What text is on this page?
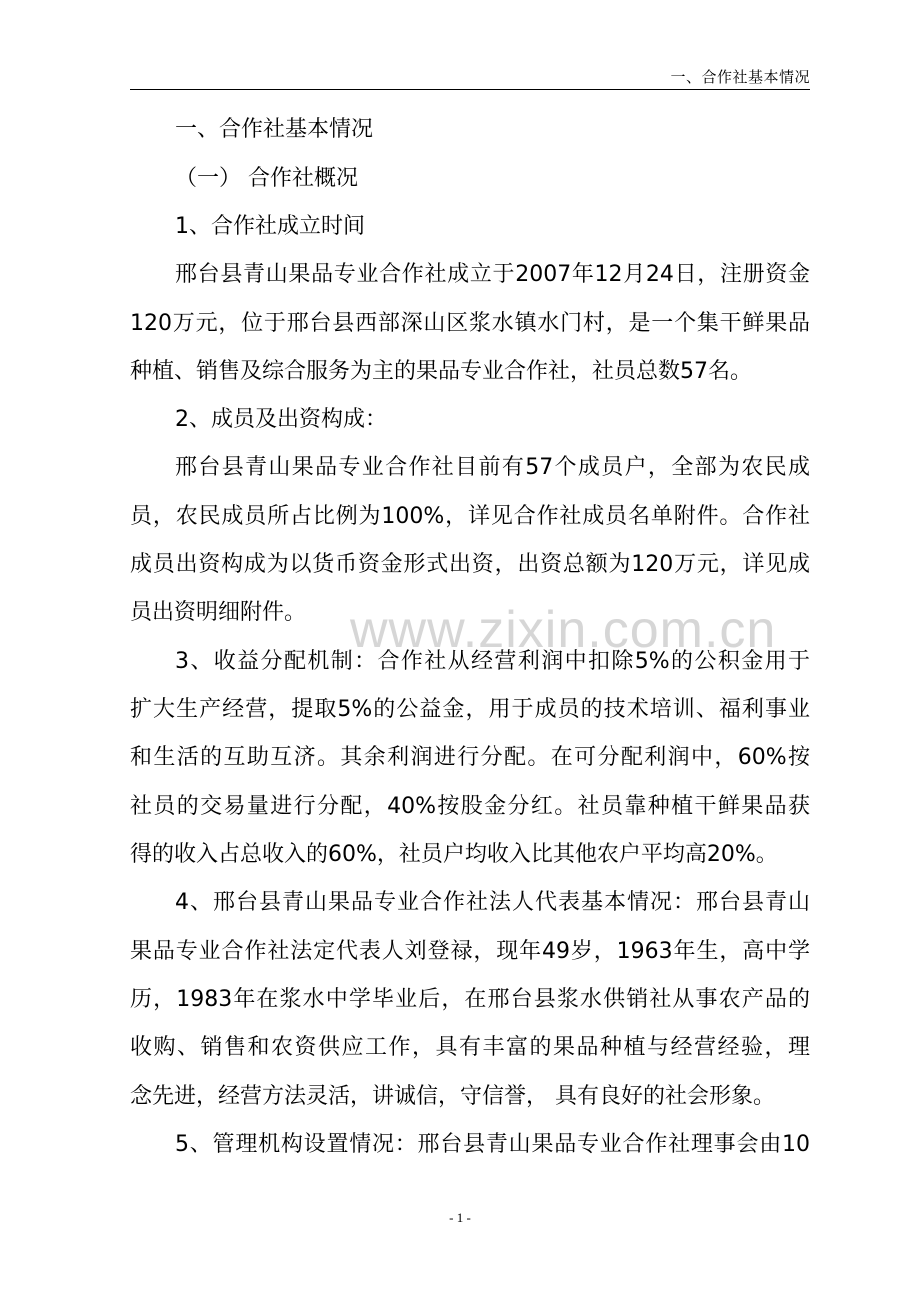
一、合作社基本情况
www.zixin.com.cn
一、合作社基本情况
（一） 合作社概况
1、合作社成立时间
邢台县青山果品专业合作社成立于2007年12月24日，注册资金
120万元，位于邢台县西部深山区浆水镇水门村，是一个集干鲜果品
种植、销售及综合服务为主的果品专业合作社，社员总数57名。
2、成员及出资构成：
邢台县青山果品专业合作社目前有57个成员户，全部为农民成
员，农民成员所占比例为100%，详见合作社成员名单附件。合作社
成员出资构成为以货币资金形式出资，出资总额为120万元，详见成
员出资明细附件。
3、收益分配机制：合作社从经营利润中扣除5%的公积金用于
扩大生产经营，提取5%的公益金，用于成员的技术培训、福利事业
和生活的互助互济。其余利润进行分配。在可分配利润中，60%按
社员的交易量进行分配，40%按股金分红。社员靠种植干鲜果品获
得的收入占总收入的60%，社员户均收入比其他农户平均高20%。
4、邢台县青山果品专业合作社法人代表基本情况：邢台县青山
果品专业合作社法定代表人刘登禄，现年49岁，1963年生，高中学
历，1983年在浆水中学毕业后，在邢台县浆水供销社从事农产品的
收购、销售和农资供应工作，具有丰富的果品种植与经营经验，理
念先进，经营方法灵活，讲诚信，守信誉， 具有良好的社会形象。
5、管理机构设置情况：邢台县青山果品专业合作社理事会由10
- 1 -
